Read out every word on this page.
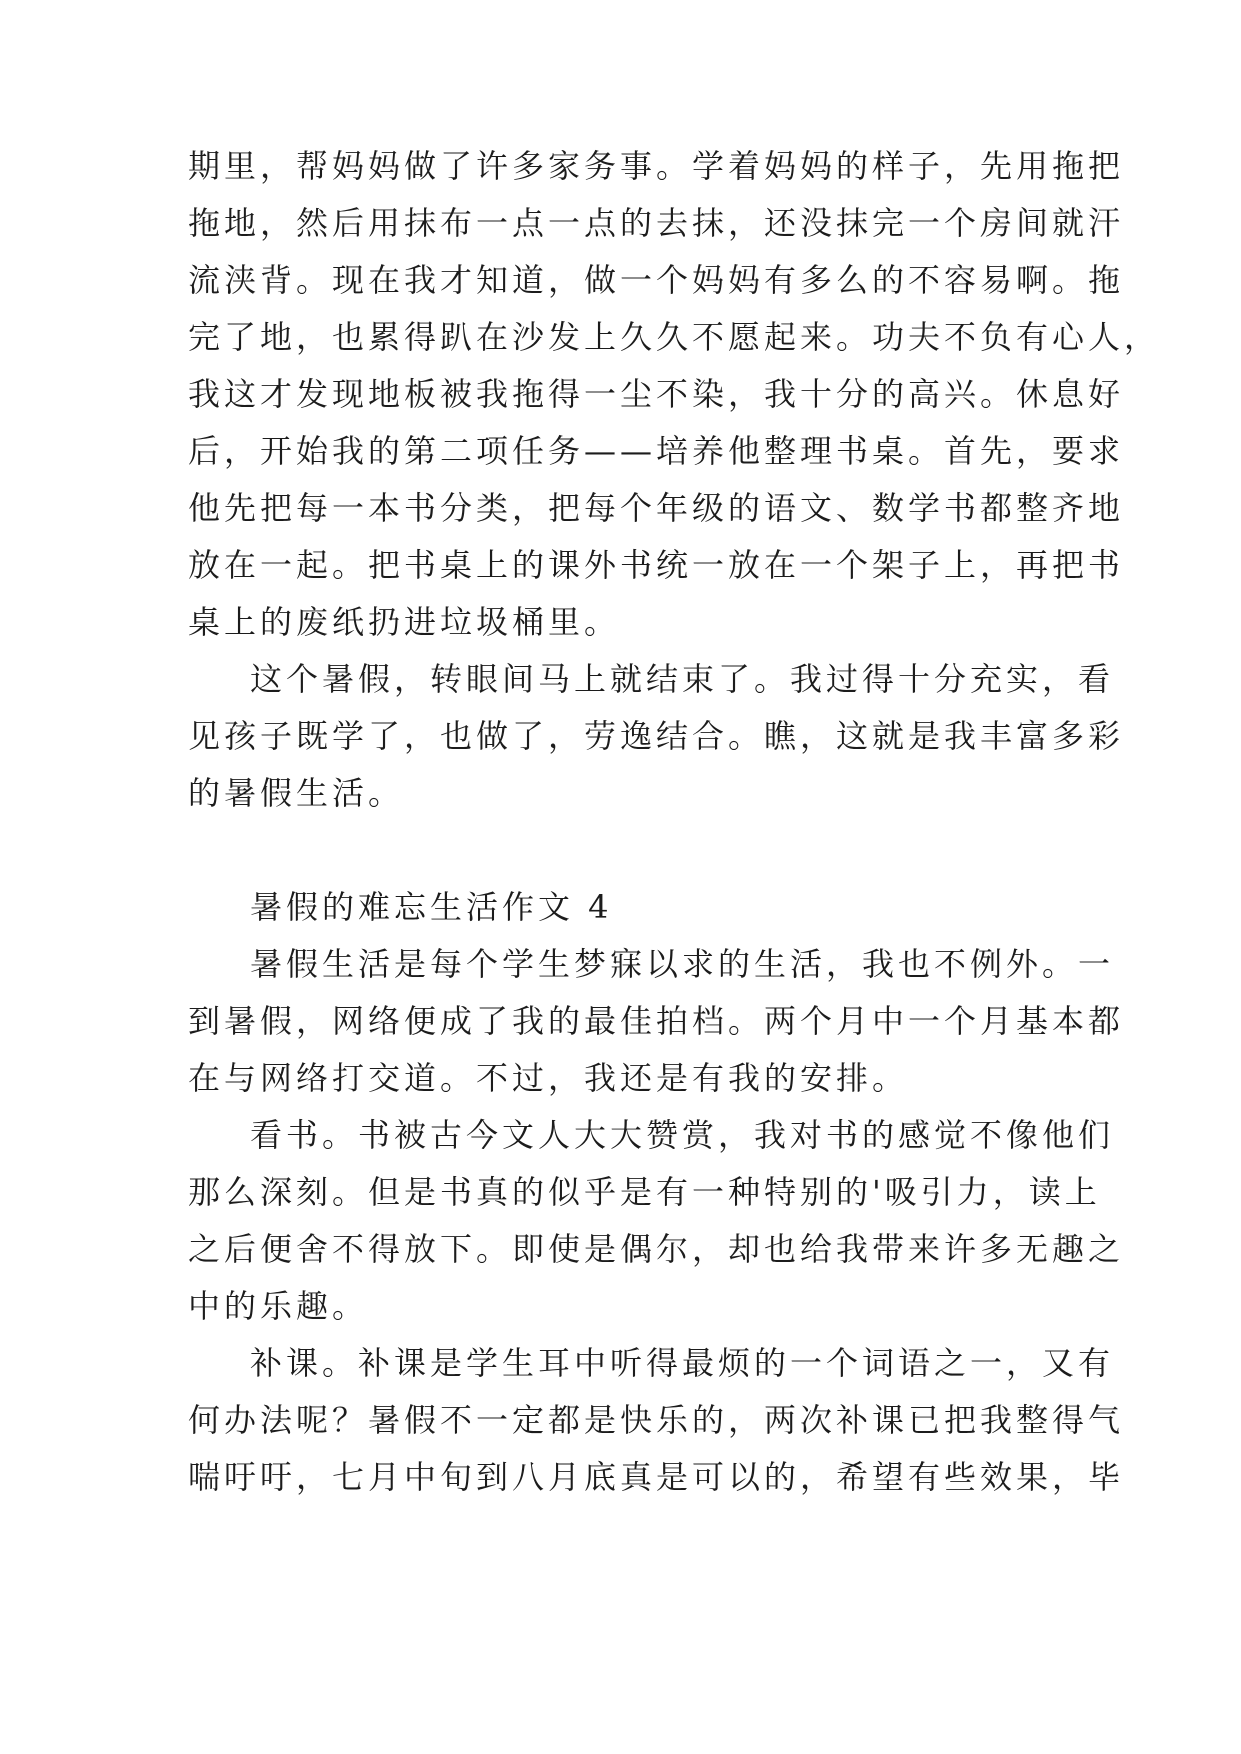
期里，帮妈妈做了许多家务事。学着妈妈的样子，先用拖把
拖地，然后用抹布一点一点的去抹，还没抹完一个房间就汗
流浃背。现在我才知道，做一个妈妈有多么的不容易啊。拖
完了地，也累得趴在沙发上久久不愿起来。功夫不负有心人，
我这才发现地板被我拖得一尘不染，我十分的高兴。休息好
后，开始我的第二项任务——培养他整理书桌。首先，要求
他先把每一本书分类，把每个年级的语文、数学书都整齐地
放在一起。把书桌上的课外书统一放在一个架子上，再把书
桌上的废纸扔进垃圾桶里。

这个暑假，转眼间马上就结束了。我过得十分充实，看
见孩子既学了，也做了，劳逸结合。瞧，这就是我丰富多彩
的暑假生活。

暑假的难忘生活作文 4

暑假生活是每个学生梦寐以求的生活，我也不例外。一
到暑假，网络便成了我的最佳拍档。两个月中一个月基本都
在与网络打交道。不过，我还是有我的安排。

看书。书被古今文人大大赞赏，我对书的感觉不像他们
那么深刻。但是书真的似乎是有一种特别的'吸引力，读上
之后便舍不得放下。即使是偶尔，却也给我带来许多无趣之
中的乐趣。

补课。补课是学生耳中听得最烦的一个词语之一，又有
何办法呢？暑假不一定都是快乐的，两次补课已把我整得气
喘吁吁，七月中旬到八月底真是可以的，希望有些效果，毕
